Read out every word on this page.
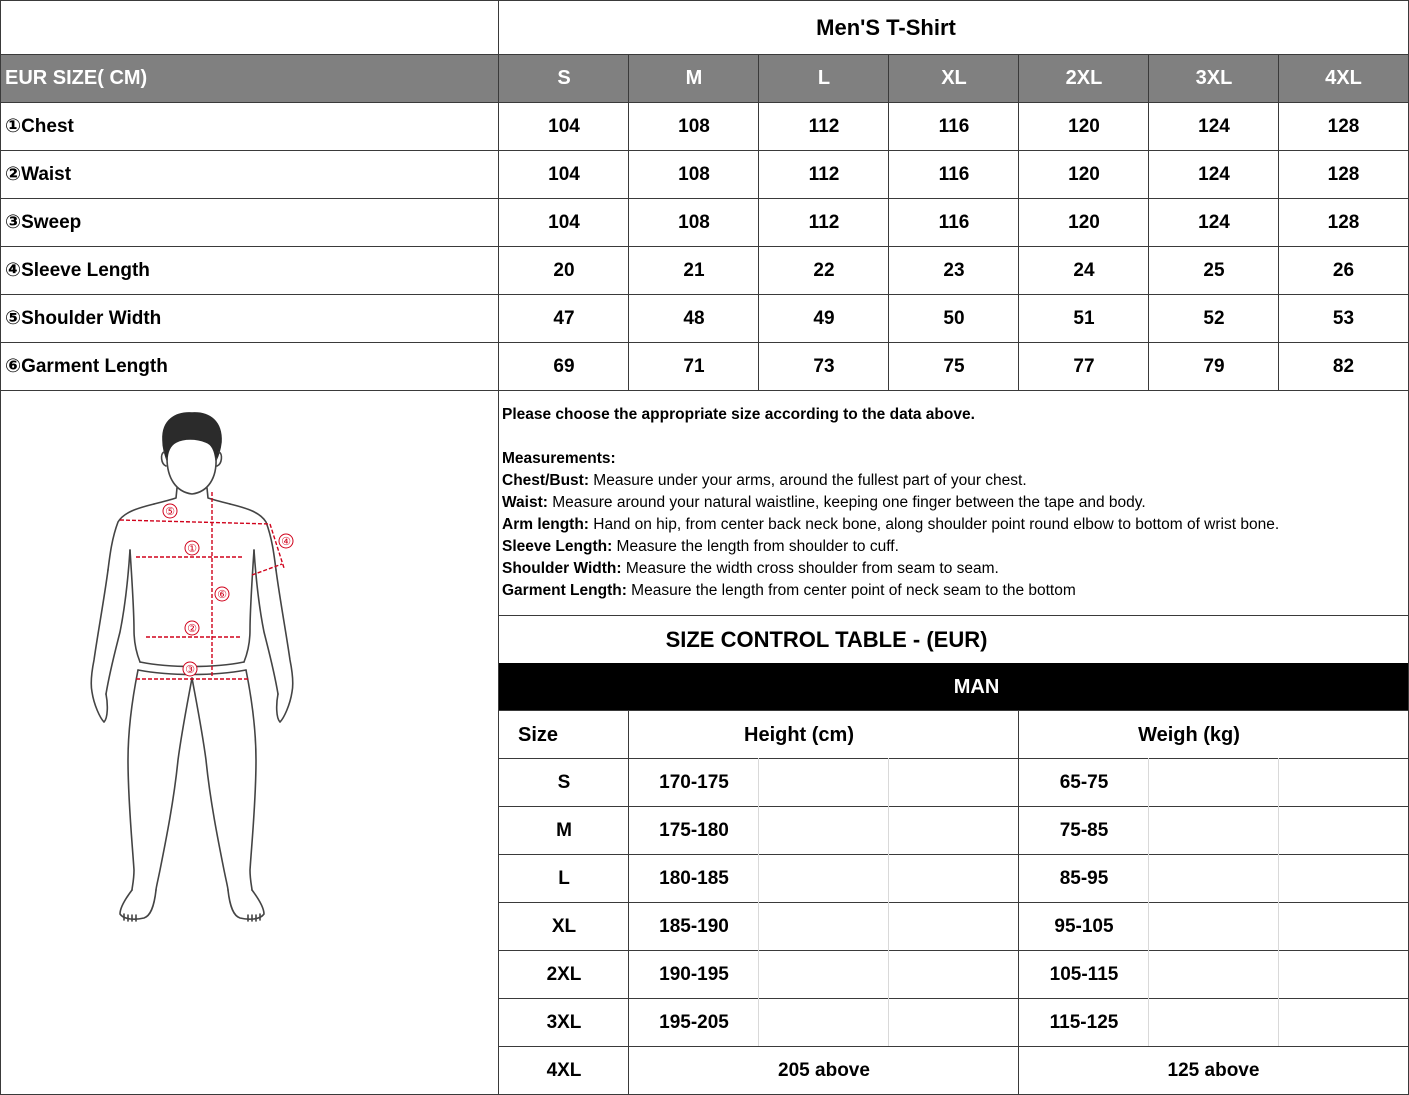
Men'S T-Shirt
EUR SIZE( CM)	S	M	L	XL	2XL	3XL	4XL
①Chest	104	108	112	116	120	124	128
②Waist	104	108	112	116	120	124	128
③Sweep	104	108	112	116	120	124	128
④Sleeve Length	20	21	22	23	24	25	26
⑤Shoulder Width	47	48	49	50	51	52	53
⑥Garment Length	69	71	73	75	77	79	82
Please choose the appropriate size according to the data above.
Measurements:
Chest/Bust: Measure under your arms, around the fullest part of your chest.
Waist: Measure around your natural waistline, keeping one finger between the tape and body.
Arm length: Hand on hip, from center back neck bone, along shoulder point round elbow to bottom of wrist bone.
Sleeve Length: Measure the length from shoulder to cuff.
Shoulder Width: Measure the width cross shoulder from seam to seam.
Garment Length: Measure the length from center point of neck seam to the bottom
SIZE CONTROL TABLE - (EUR)
MAN
Size	Height (cm)	Weigh (kg)
S	170-175	65-75
M	175-180	75-85
L	180-185	85-95
XL	185-190	95-105
2XL	190-195	105-115
3XL	195-205	115-125
4XL	205 above	125 above
⑤
①
⑥
②
③
④
